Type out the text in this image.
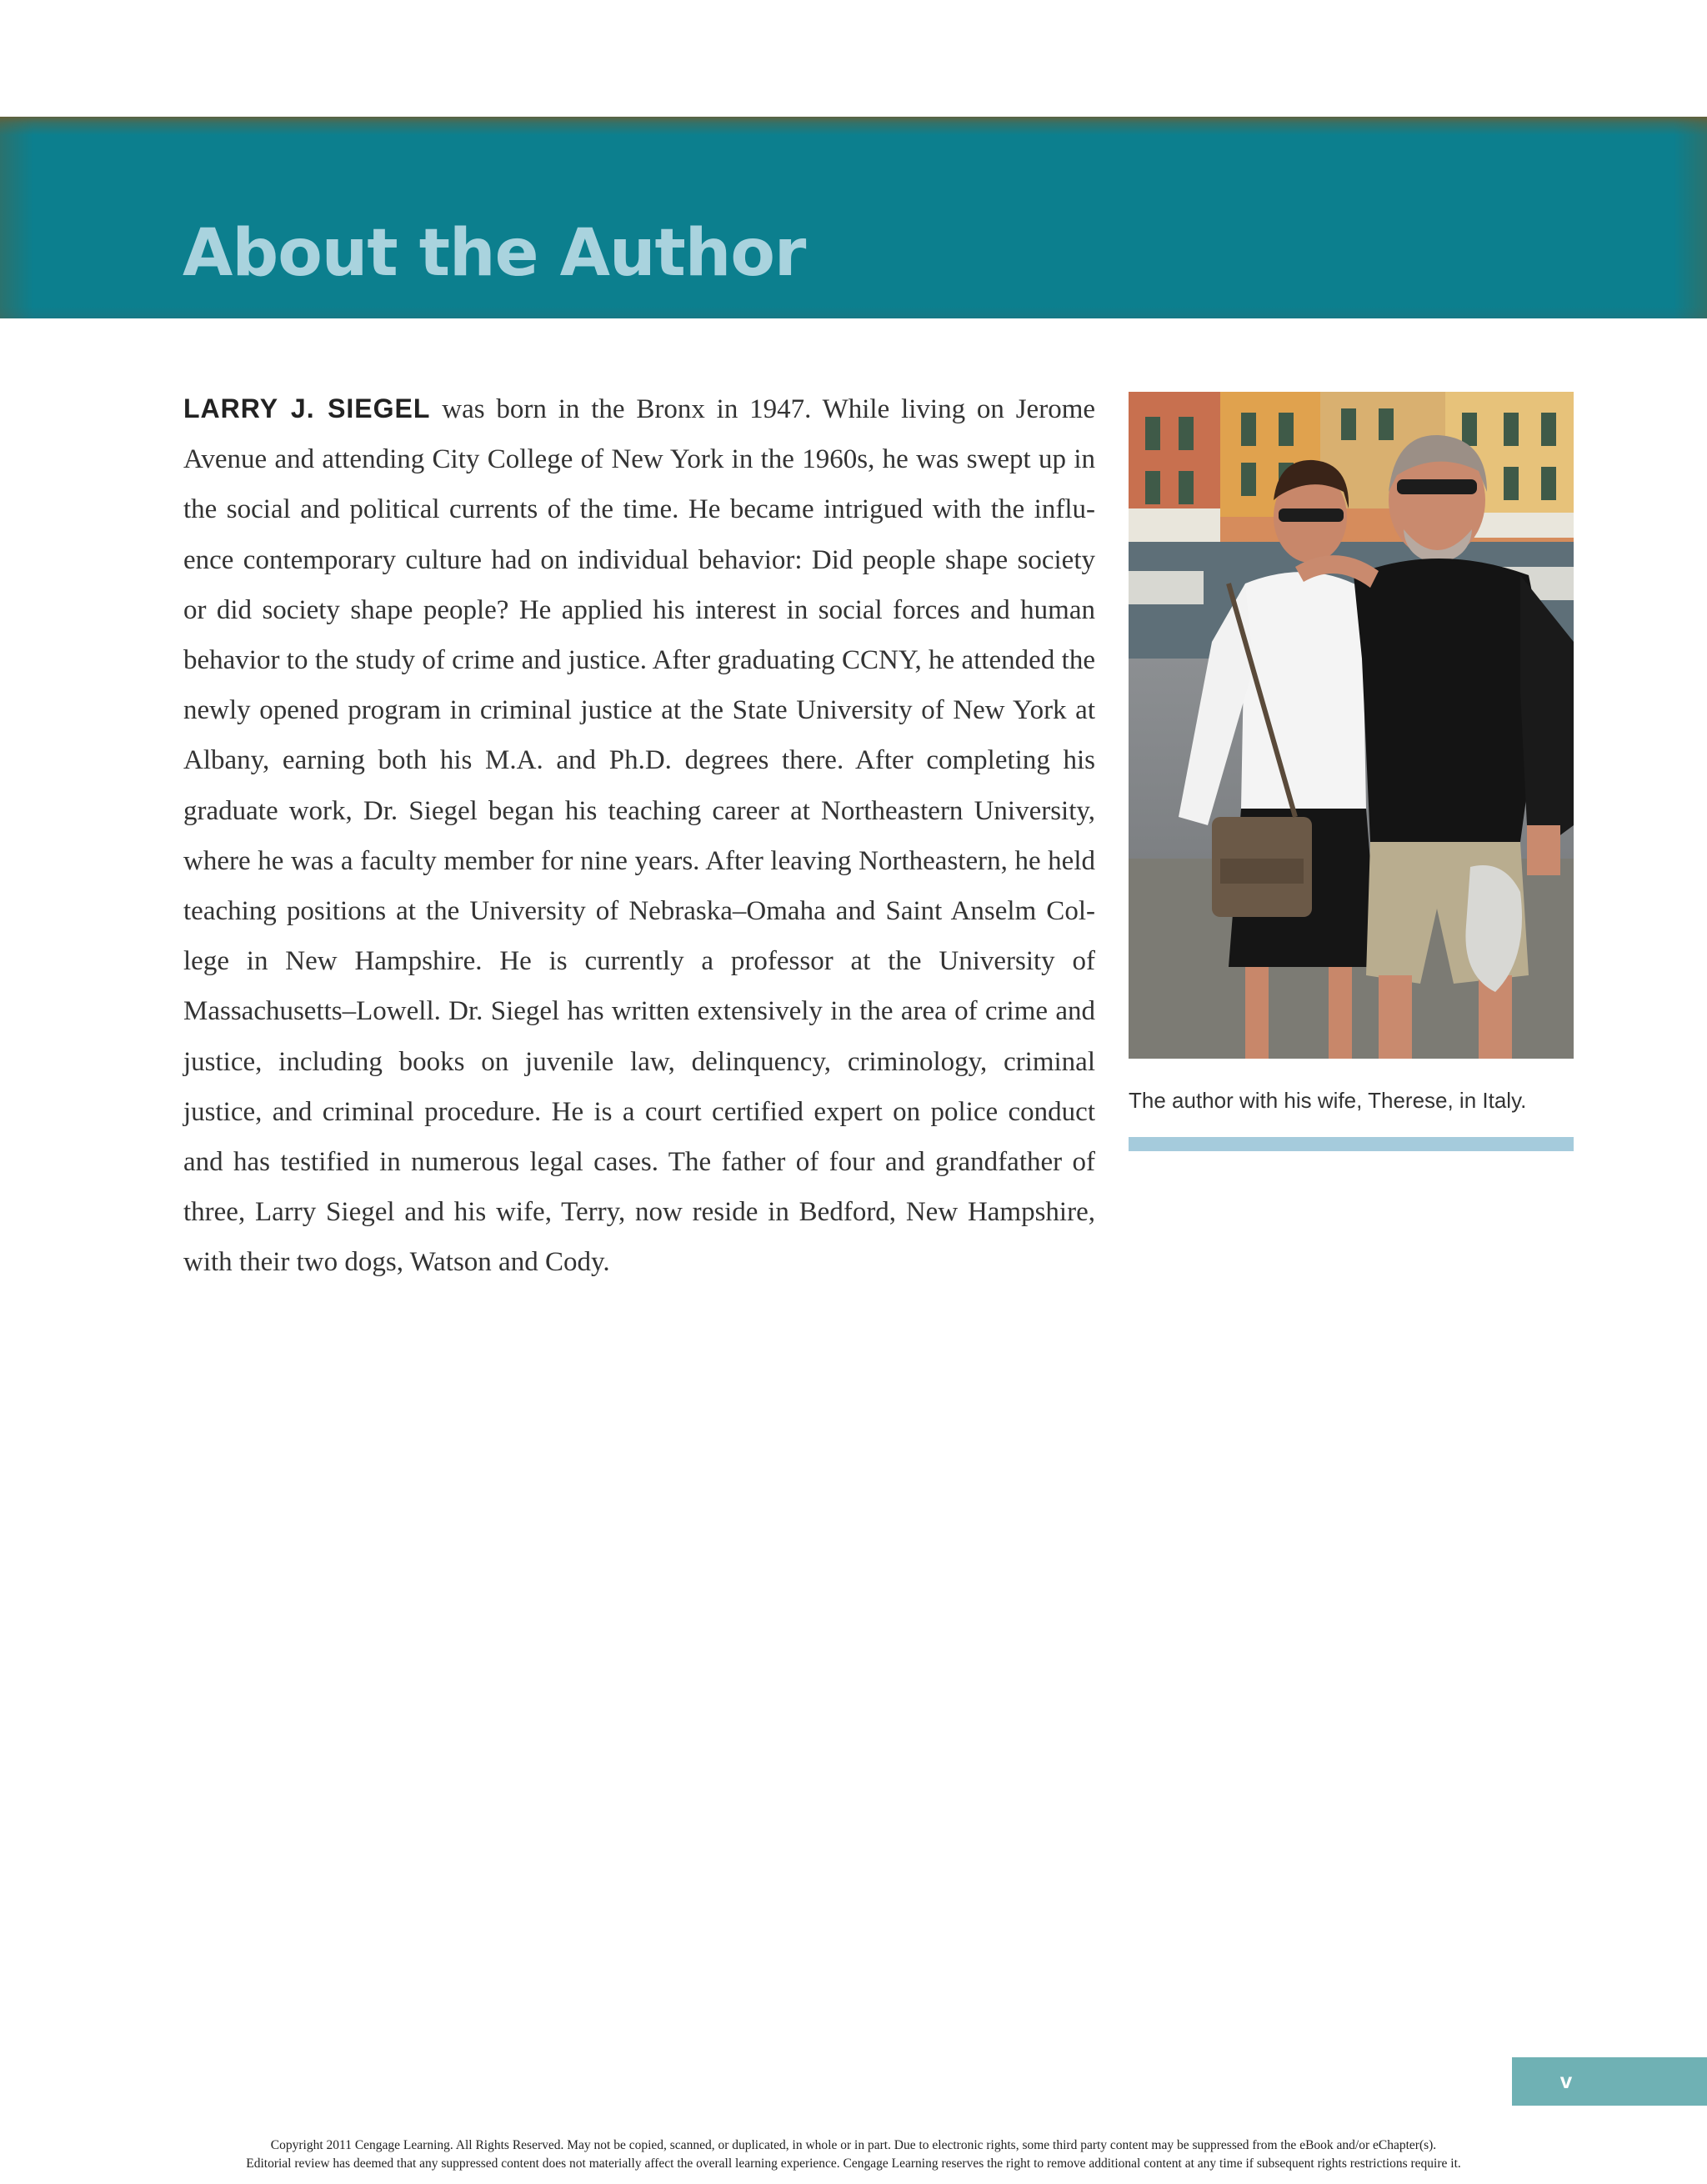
About the Author

LARRY J. SIEGEL was born in the Bronx in 1947. While living on Jerome Avenue and attending City College of New York in the 1960s, he was swept up in the social and political currents of the time. He became intrigued with the influence contemporary culture had on individual behavior: Did people shape society or did society shape people? He applied his interest in social forces and human behavior to the study of crime and justice. After graduating CCNY, he attended the newly opened program in criminal justice at the State University of New York at Albany, earning both his M.A. and Ph.D. degrees there. After completing his graduate work, Dr. Siegel began his teaching career at Northeastern University, where he was a faculty member for nine years. After leaving Northeastern, he held teaching positions at the University of Nebraska–Omaha and Saint Anselm College in New Hampshire. He is currently a professor at the University of Massachusetts–Lowell. Dr. Siegel has written extensively in the area of crime and justice, including books on juvenile law, delinquency, criminology, criminal justice, and criminal procedure. He is a court certified expert on police conduct and has testified in numerous legal cases. The father of four and grandfather of three, Larry Siegel and his wife, Terry, now reside in Bedford, New Hampshire, with their two dogs, Watson and Cody.

The author with his wife, Therese, in Italy.

v
Copyright 2011 Cengage Learning. All Rights Reserved. May not be copied, scanned, or duplicated, in whole or in part. Due to electronic rights, some third party content may be suppressed from the eBook and/or eChapter(s).
Editorial review has deemed that any suppressed content does not materially affect the overall learning experience. Cengage Learning reserves the right to remove additional content at any time if subsequent rights restrictions require it.
